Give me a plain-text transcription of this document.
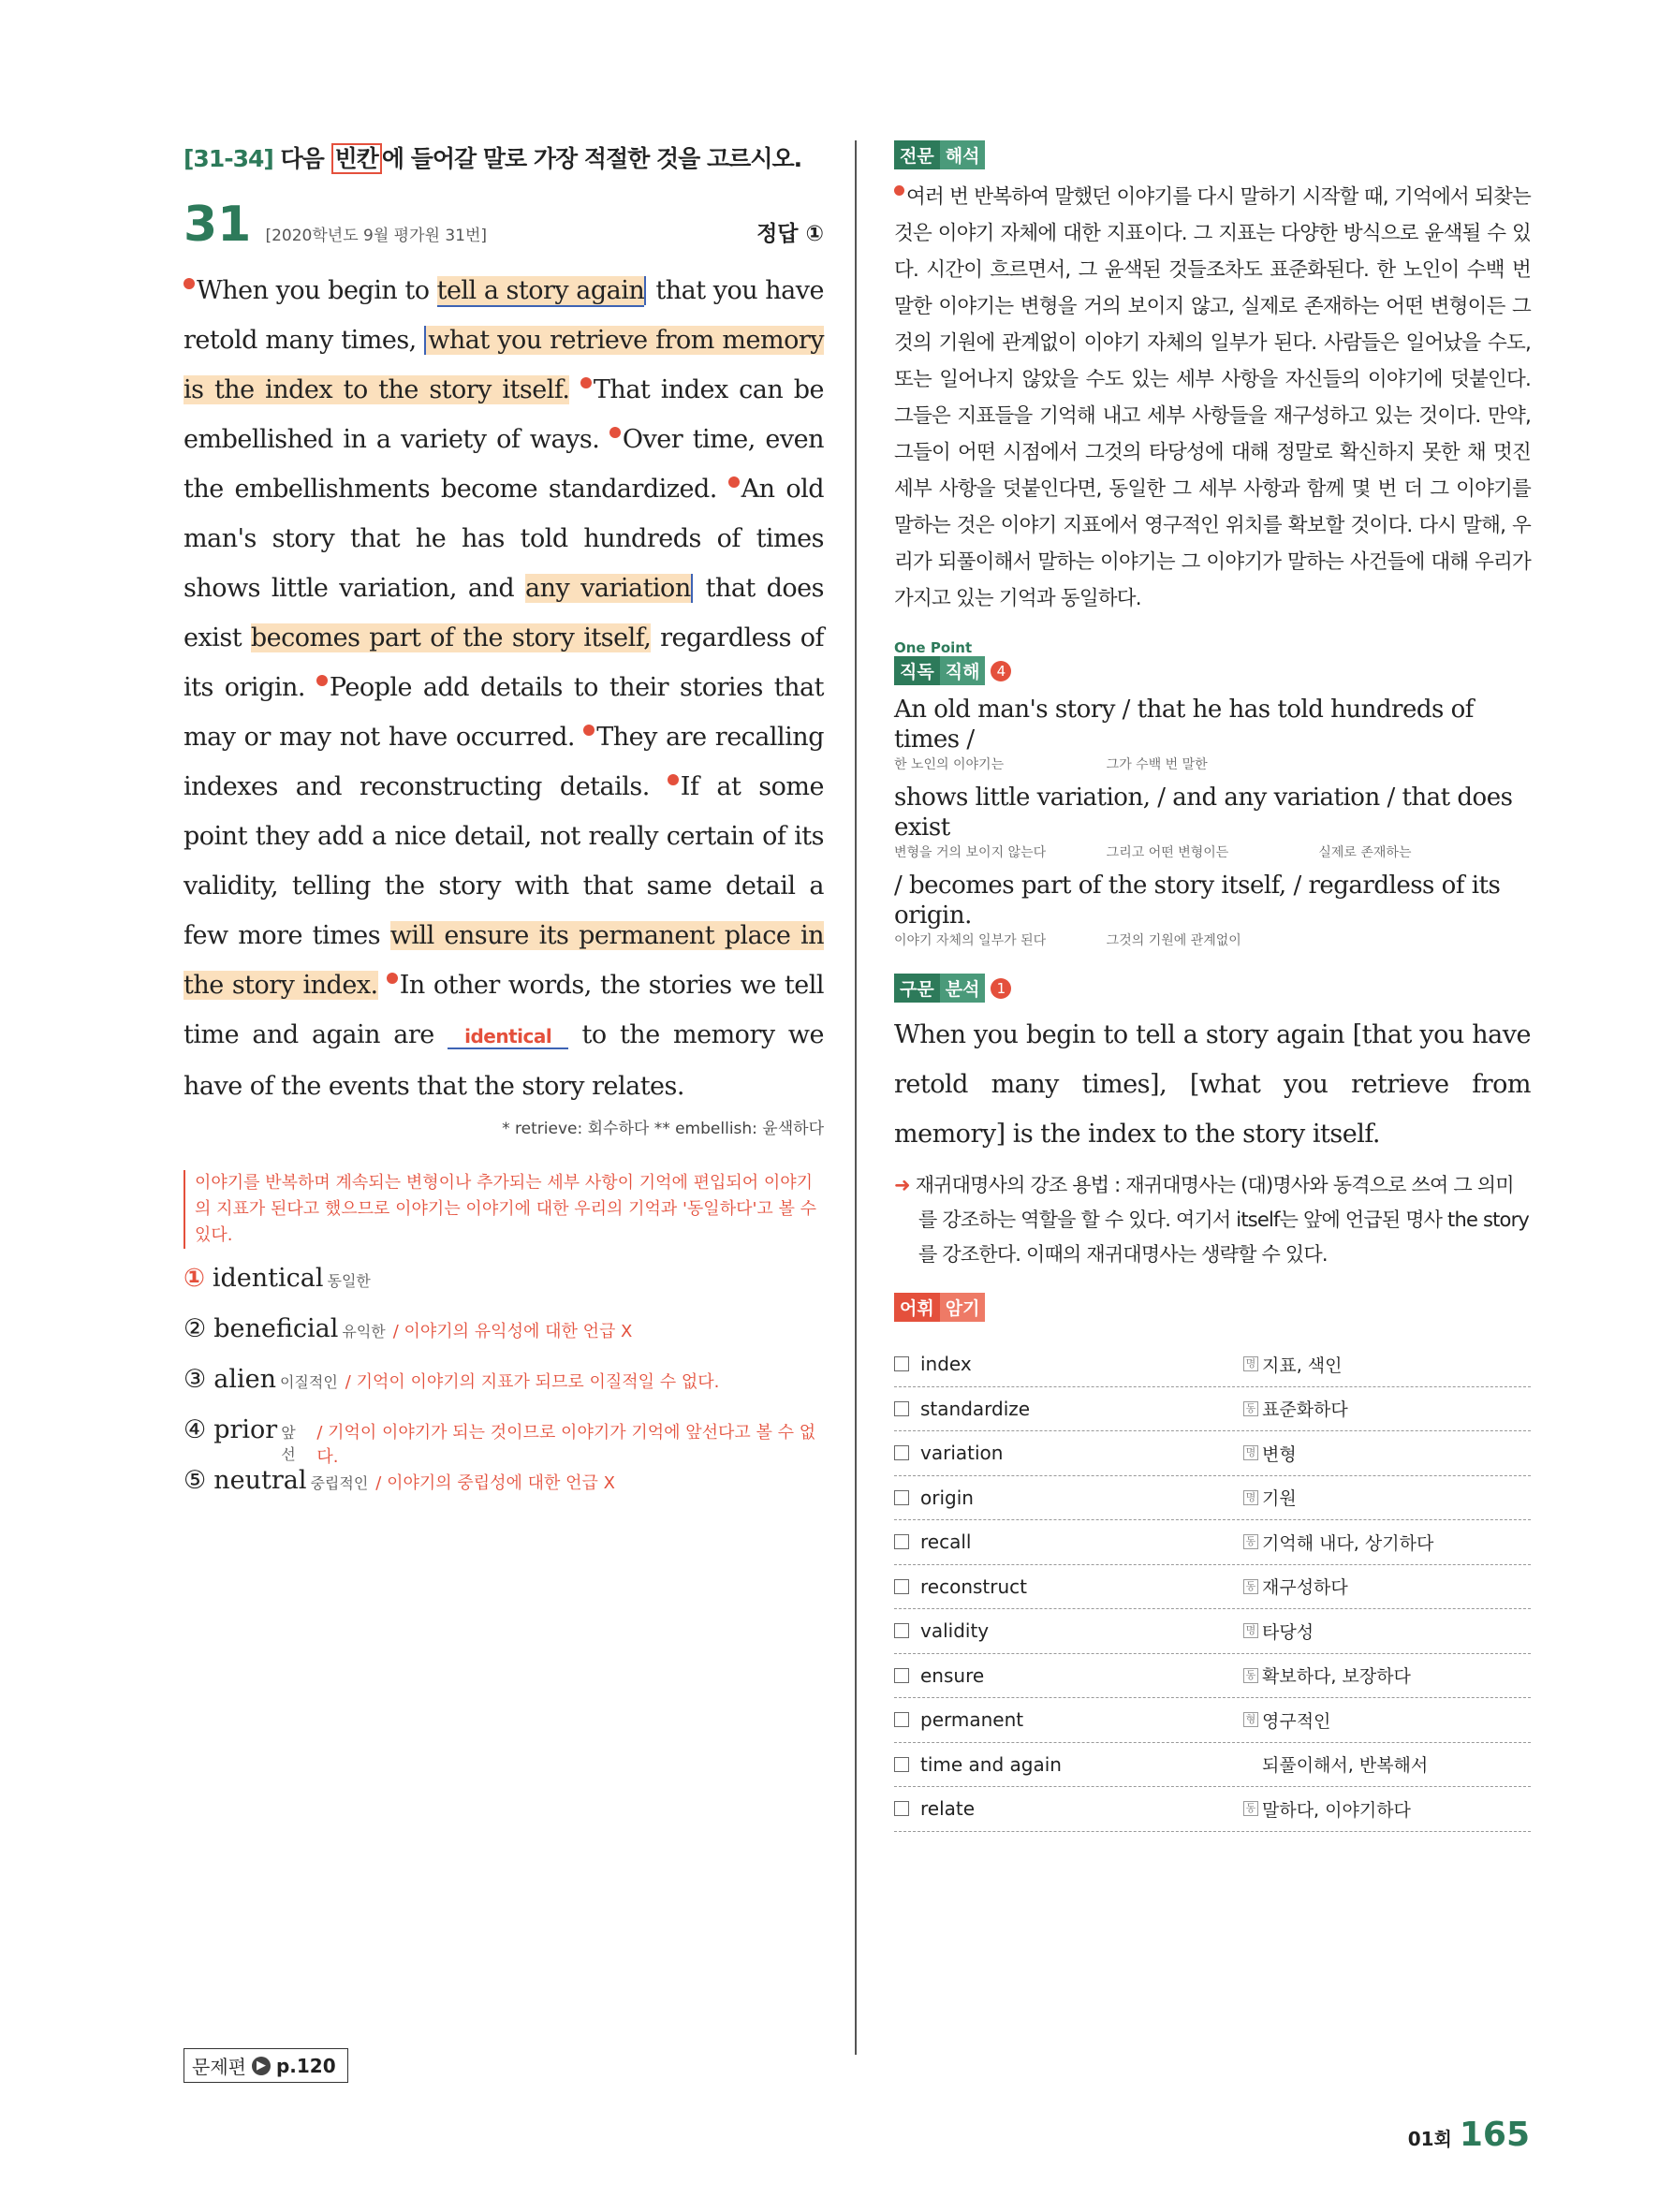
[31-34] 다음 빈칸 에 들어갈 말로 가장 적절한 것을 고르시오.
31 [2020학년도 9월 평가원 31번]	정답 ①
When you begin to tell a story again that you have retold many times, what you retrieve from memory is the index to the story itself. That index can be embellished in a variety of ways. Over time, even the embellishments become standardized. An old man's story that he has told hundreds of times shows little variation, and any variation that does exist becomes part of the story itself, regardless of its origin. People add details to their stories that may or may not have occurred. They are recalling indexes and reconstructing details. If at some point they add a nice detail, not really certain of its validity, telling the story with that same detail a few more times will ensure its permanent place in the story index. In other words, the stories we tell time and again are identical to the memory we have of the events that the story relates.
* retrieve: 회수하다 ** embellish: 윤색하다
이야기를 반복하며 계속되는 변형이나 추가되는 세부 사항이 기억에 편입되어 이야기의 지표가 된다고 했으므로 이야기는 이야기에 대한 우리의 기억과 '동일하다'고 볼 수 있다.
① identical 동일한
② beneficial 유익한 / 이야기의 유익성에 대한 언급 X
③ alien 이질적인 / 기억이 이야기의 지표가 되므로 이질적일 수 없다.
④ prior 앞선
/ 기억이 이야기가 되는 것이므로 이야기가 기억에 앞선다고 볼 수 없다.
⑤ neutral 중립적인 / 이야기의 중립성에 대한 언급 X
문제편 ▶ p.120
전문 해석
여러 번 반복하여 말했던 이야기를 다시 말하기 시작할 때, 기억에서 되찾는 것은 이야기 자체에 대한 지표이다. 그 지표는 다양한 방식으로 윤색될 수 있다. 시간이 흐르면서, 그 윤색된 것들조차도 표준화된다. 한 노인이 수백 번 말한 이야기는 변형을 거의 보이지 않고, 실제로 존재하는 어떤 변형이든 그것의 기원에 관계없이 이야기 자체의 일부가 된다. 사람들은 일어났을 수도, 또는 일어나지 않았을 수도 있는 세부 사항을 자신들의 이야기에 덧붙인다. 그들은 지표들을 기억해 내고 세부 사항들을 재구성하고 있는 것이다. 만약, 그들이 어떤 시점에서 그것의 타당성에 대해 정말로 확신하지 못한 채 멋진 세부 사항을 덧붙인다면, 동일한 그 세부 사항과 함께 몇 번 더 그 이야기를 말하는 것은 이야기 지표에서 영구적인 위치를 확보할 것이다. 다시 말해, 우리가 되풀이해서 말하는 이야기는 그 이야기가 말하는 사건들에 대해 우리가 가지고 있는 기억과 동일하다.
One Point
직독 직해	4
An old man's story / that he has told hundreds of times /
한 노인의 이야기는	그가 수백 번 말한
shows little variation, / and any variation / that does exist
변형을 거의 보이지 않는다	그리고 어떤 변형이든	실제로 존재하는
/ becomes part of the story itself, / regardless of its origin.
이야기 자체의 일부가 된다	그것의 기원에 관계없이
구문 분석	1
When you begin to tell a story again [that you have retold many times], [what you retrieve from memory] is the index to the story itself.
➜ 재귀대명사의 강조 용법 : 재귀대명사는 (대)명사와 동격으로 쓰여 그 의미를 강조하는 역할을 할 수 있다. 여기서 itself는 앞에 언급된 명사 the story를 강조한다. 이때의 재귀대명사는 생략할 수 있다.
어휘 암기
index	명 지표, 색인
standardize	동 표준화하다
variation	명 변형
origin	명 기원
recall	동 기억해 내다, 상기하다
reconstruct	동 재구성하다
validity	명 타당성
ensure	동 확보하다, 보장하다
permanent	형 영구적인
time and again	되풀이해서, 반복해서
relate	동 말하다, 이야기하다
01회 165
